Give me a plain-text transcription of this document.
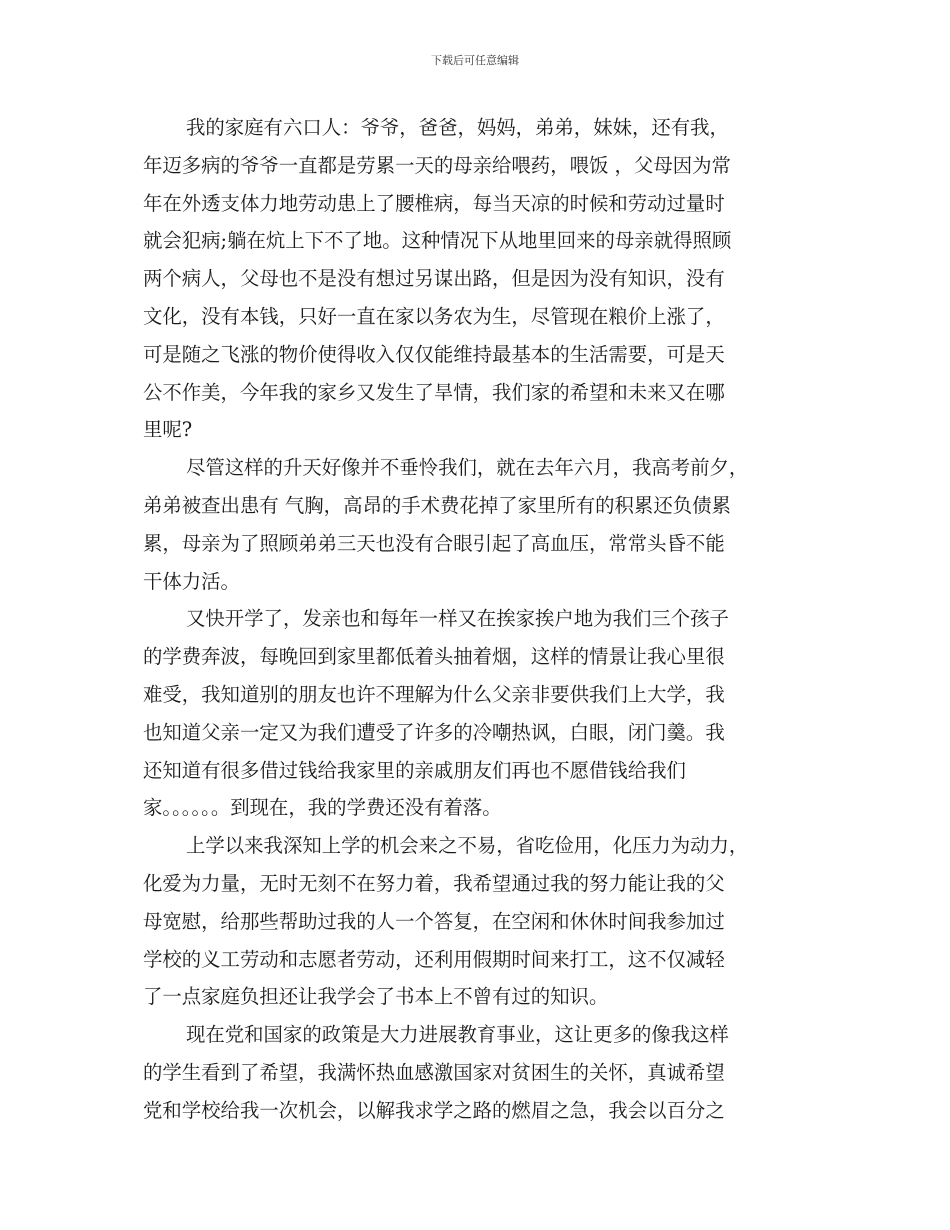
下载后可任意编辑
我的家庭有六口人：爷爷，爸爸，妈妈，弟弟，妹妹，还有我，
年迈多病的爷爷一直都是劳累一天的母亲给喂药，喂饭 ，父母因为常
年在外透支体力地劳动患上了腰椎病，每当天凉的时候和劳动过量时
就会犯病;躺在炕上下不了地。这种情况下从地里回来的母亲就得照顾
两个病人，父母也不是没有想过另谋出路，但是因为没有知识，没有
文化，没有本钱，只好一直在家以务农为生，尽管现在粮价上涨了，
可是随之飞涨的物价使得收入仅仅能维持最基本的生活需要，可是天
公不作美，今年我的家乡又发生了旱情，我们家的希望和未来又在哪
里呢?
尽管这样的升天好像并不垂怜我们，就在去年六月，我高考前夕，
弟弟被查出患有 气胸，高昂的手术费花掉了家里所有的积累还负债累
累，母亲为了照顾弟弟三天也没有合眼引起了高血压，常常头昏不能
干体力活。
又快开学了，发亲也和每年一样又在挨家挨户地为我们三个孩子
的学费奔波，每晚回到家里都低着头抽着烟，这样的情景让我心里很
难受，我知道别的朋友也许不理解为什么父亲非要供我们上大学，我
也知道父亲一定又为我们遭受了许多的冷嘲热讽，白眼，闭门羹。我
还知道有很多借过钱给我家里的亲戚朋友们再也不愿借钱给我们
家。。。。。。到现在，我的学费还没有着落。
上学以来我深知上学的机会来之不易，省吃俭用，化压力为动力，
化爱为力量，无时无刻不在努力着，我希望通过我的努力能让我的父
母宽慰，给那些帮助过我的人一个答复，在空闲和休休时间我参加过
学校的义工劳动和志愿者劳动，还利用假期时间来打工，这不仅减轻
了一点家庭负担还让我学会了书本上不曾有过的知识。
现在党和国家的政策是大力进展教育事业，这让更多的像我这样
的学生看到了希望，我满怀热血感激国家对贫困生的关怀，真诚希望
党和学校给我一次机会，以解我求学之路的燃眉之急，我会以百分之
